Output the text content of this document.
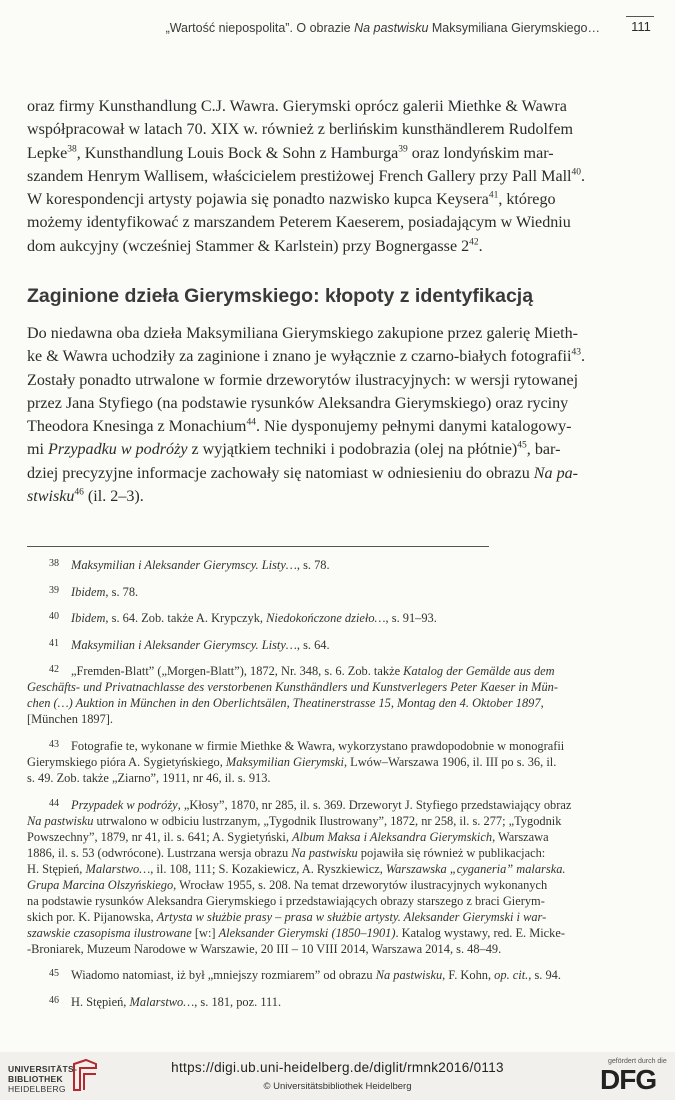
„Wartość niepospolita”. O obrazie Na pastwisku Maksymiliana Gierymskiego…	111

oraz firmy Kunsthandlung C.J. Wawra. Gierymski oprócz galerii Miethke & Wawra

współpracował w latach 70. XIX w. również z berlińskim kunsthändlerem Rudolfem

Lepke$^{38}$, Kunsthandlung Louis Bock & Sohn z Hamburga$^{39}$ oraz londyńskim mar-

szandem Henrym Wallisem, właścicielem prestiżowej French Gallery przy Pall Mall$^{40}$.

W korespondencji artysty pojawia się ponadto nazwisko kupca Keysera$^{41}$, którego

możemy identyfikować z marszandem Peterem Kaeserem, posiadającym w Wiedniu

dom aukcyjny (wcześniej Stammer & Karlstein) przy Bognergasse $2^{42}$.

Zaginione dzieła Gierymskiego: kłopoty z identyfikacją

Do niedawna oba dzieła Maksymiliana Gierymskiego zakupione przez galerię Mieth-

ke & Wawra uchodziły za zaginione i znano je wyłącznie z czarno-białych fotografii$^{43}$.

Zostały ponadto utrwalone w formie drzeworytów ilustracyjnych: w wersji rytowanej

przez Jana Styfiego (na podstawie rysunków Aleksandra Gierymskiego) oraz ryciny

Theodora Knesinga z Monachium$^{44}$. Nie dysponujemy pełnymi danymi katalogowy-

mi Przypadku w podróży z wyjątkiem techniki i podobrazia (olej na płótnie)$^{45}$, bar-

dziej precyzyjne informacje zachowały się natomiast w odniesieniu do obrazu Na pa-

stwisku$^{46}$ (il. 2–3).

38 Maksymilian i Aleksander Gierymscy. Listy…, s. 78.
39 Ibidem, s. 78.
40 Ibidem, s. 64. Zob. także A. Krypczyk, Niedokończone dzieło…, s. 91–93.
41 Maksymilian i Aleksander Gierymscy. Listy…, s. 64.
42 „Fremden-Blatt” („Morgen-Blatt”), 1872, Nr. 348, s. 6. Zob. także Katalog der Gemälde aus dem
Geschäfts- und Privatnachlasse des verstorbenen Kunsthändlers und Kunstverlegers Peter Kaeser in Mün-
chen (…) Auktion in München in den Oberlichtsälen, Theatinerstrasse 15, Montag den 4. Oktober 1897,
[München 1897].
43 Fotografie te, wykonane w firmie Miethke & Wawra, wykorzystano prawdopodobnie w monografii
Gierymskiego pióra A. Sygietyńskiego, Maksymilian Gierymski, Lwów–Warszawa 1906, il. III po s. 36, il.
s. 49. Zob. także „Ziarno”, 1911, nr 46, il. s. 913.
44 Przypadek w podróży, „Kłosy”, 1870, nr 285, il. s. 369. Drzeworyt J. Styfiego przedstawiający obraz
Na pastwisku utrwalono w odbiciu lustrzanym, „Tygodnik Ilustrowany”, 1872, nr 258, il. s. 277; „Tygodnik
Powszechny”, 1879, nr 41, il. s. 641; A. Sygietyński, Album Maksa i Aleksandra Gierymskich, Warszawa
1886, il. s. 53 (odwrócone). Lustrzana wersja obrazu Na pastwisku pojawiła się również w publikacjach:
H. Stępień, Malarstwo…, il. 108, 111; S. Kozakiewicz, A. Ryszkiewicz, Warszawska „cyganeria” malarska.
Grupa Marcina Olszyńskiego, Wrocław 1955, s. 208. Na temat drzeworytów ilustracyjnych wykonanych
na podstawie rysunków Aleksandra Gierymskiego i przedstawiających obrazy starszego z braci Gierym-
skich por. K. Pijanowska, Artysta w służbie prasy – prasa w służbie artysty. Aleksander Gierymski i war-
szawskie czasopisma ilustrowane [w:] Aleksander Gierymski (1850–1901). Katalog wystawy, red. E. Micke-
-Broniarek, Muzeum Narodowe w Warszawie, 20 III – 10 VIII 2014, Warszawa 2014, s. 48–49.
45 Wiadomo natomiast, iż był „mniejszy rozmiarem” od obrazu Na pastwisku, F. Kohn, op. cit., s. 94.
46 H. Stępień, Malarstwo…, s. 181, poz. 111.
UNIVERSITÄTS-
BIBLIOTHEK
HEIDELBERG
https://digi.ub.uni-heidelberg.de/diglit/rmnk2016/0113
© Universitätsbibliothek Heidelberg
gefördert durch die
DFG
